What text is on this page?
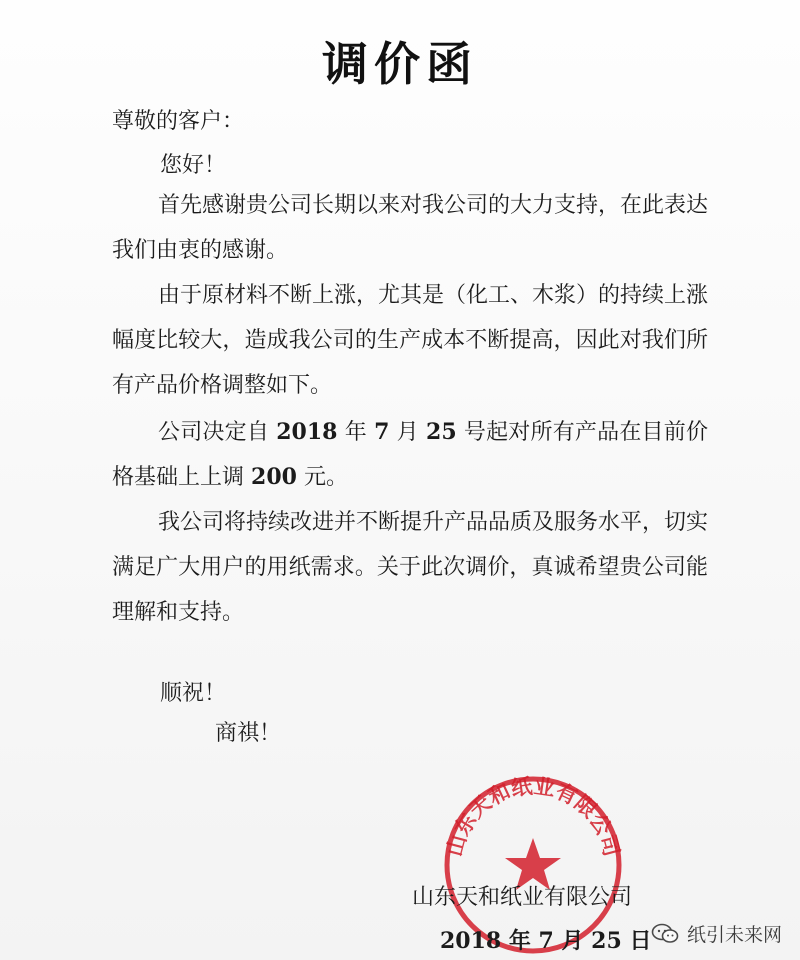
调价函
尊敬的客户：
您好！
首先感谢贵公司长期以来对我公司的大力支持，在此表达我们由衷的感谢。
由于原材料不断上涨，尤其是（化工、木浆）的持续上涨幅度比较大，造成我公司的生产成本不断提高，因此对我们所有产品价格调整如下。
公司决定自 2018 年 7 月 25 号起对所有产品在目前价格基础上上调 200 元。
我公司将持续改进并不断提升产品品质及服务水平，切实满足广大用户的用纸需求。关于此次调价，真诚希望贵公司能理解和支持。
顺祝！
商祺！
山东天和纸业有限公司
山东天和纸业有限公司
2018 年 7 月 25 日 纸引未来网
